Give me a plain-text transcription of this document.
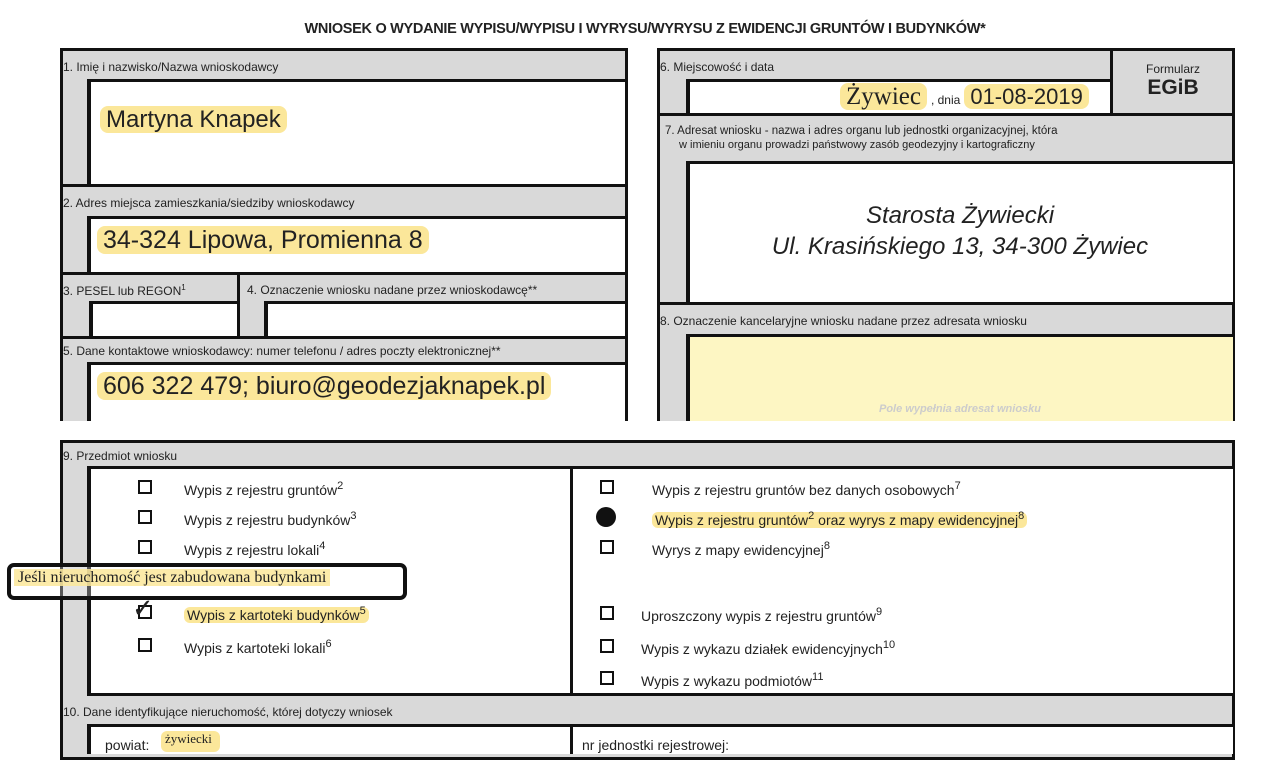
WNIOSEK O WYDANIE WYPISU/WYPISU I WYRYSU/WYRYSU Z EWIDENCJI GRUNTÓW I BUDYNKÓW*
1. Imię i nazwisko/Nazwa wnioskodawcy
Martyna Knapek
2. Adres miejsca zamieszkania/siedziby wnioskodawcy
34-324 Lipowa, Promienna 8
3. PESEL lub REGON$^1$	4. Oznaczenie wniosku nadane przez wnioskodawcę**
5. Dane kontaktowe wnioskodawcy: numer telefonu / adres poczty elektronicznej**
606 322 479; biuro@geodezjaknapek.pl
6. Miejscowość i data
Żywiec , dnia 01-08-2019
Formularz
EGiB
7. Adresat wniosku - nazwa i adres organu lub jednostki organizacyjnej, która
w imieniu organu prowadzi państwowy zasób geodezyjny i kartograficzny
Starosta Żywiecki
Ul. Krasińskiego 13, 34-300 Żywiec
8. Oznaczenie kancelaryjne wniosku nadane przez adresata wniosku
Pole wypełnia adresat wniosku
9. Przedmiot wniosku
Wypis z rejestru gruntów$^2$
Wypis z rejestru budynków$^3$
Wypis z rejestru lokali$^4$
✓ Wypis z kartoteki budynków$^5$
Wypis z kartoteki lokali$^6$
Wypis z rejestru gruntów bez danych osobowych$^7$
Wypis z rejestru gruntów$^2$ oraz wyrys z mapy ewidencyjnej$^8$
Wyrys z mapy ewidencyjnej$^8$
Uproszczony wypis z rejestru gruntów$^9$
Wypis z wykazu działek ewidencyjnych$^{10}$
Wypis z wykazu podmiotów$^{11}$
Jeśli nieruchomość jest zabudowana budynkami
10. Dane identyfikujące nieruchomość, której dotyczy wniosek
powiat:	żywiecki	nr jednostki rejestrowej:
